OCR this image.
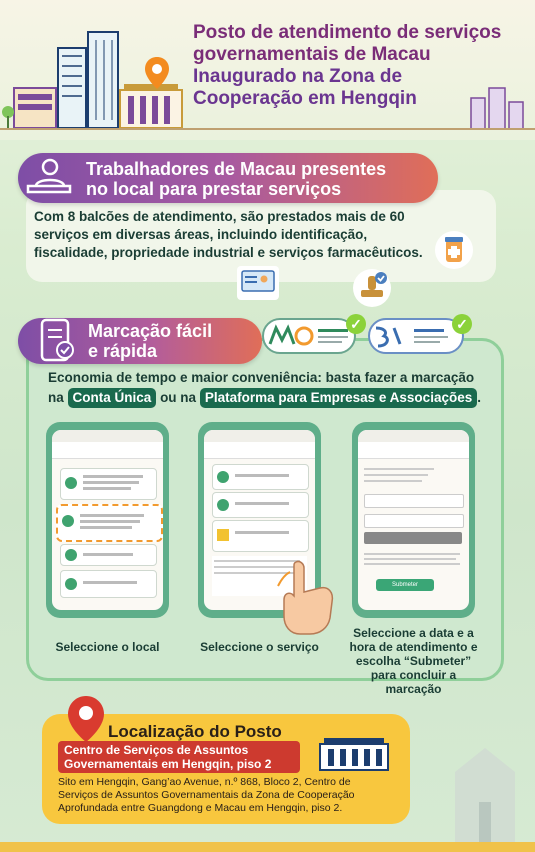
Posto de atendimento de serviços
governamentais de Macau
Inaugurado na Zona de
Cooperação em Hengqin
Trabalhadores de Macau presentes
no local para prestar serviços
Com 8 balcões de atendimento, são prestados mais de 60 serviços em diversas áreas, incluindo identificação, fiscalidade, propriedade industrial e serviços farmacêuticos.
Marcação fácil
e rápida
✓	✓
Economia de tempo e maior conveniência: basta fazer a marcação na Conta Única ou na Plataforma para Empresas e Associações .
Submeter
Seleccione o local	Seleccione o serviço
Seleccione a data e a hora de atendimento e escolha “Submeter” para concluir a marcação
Localização do Posto
Centro de Serviços de Assuntos
Governamentais em Hengqin, piso 2
Sito em Hengqin, Gang’ao Avenue, n.º 868, Bloco 2, Centro de Serviços de Assuntos Governamentais da Zona de Cooperação Aprofundada entre Guangdong e Macau em Hengqin, piso 2.
